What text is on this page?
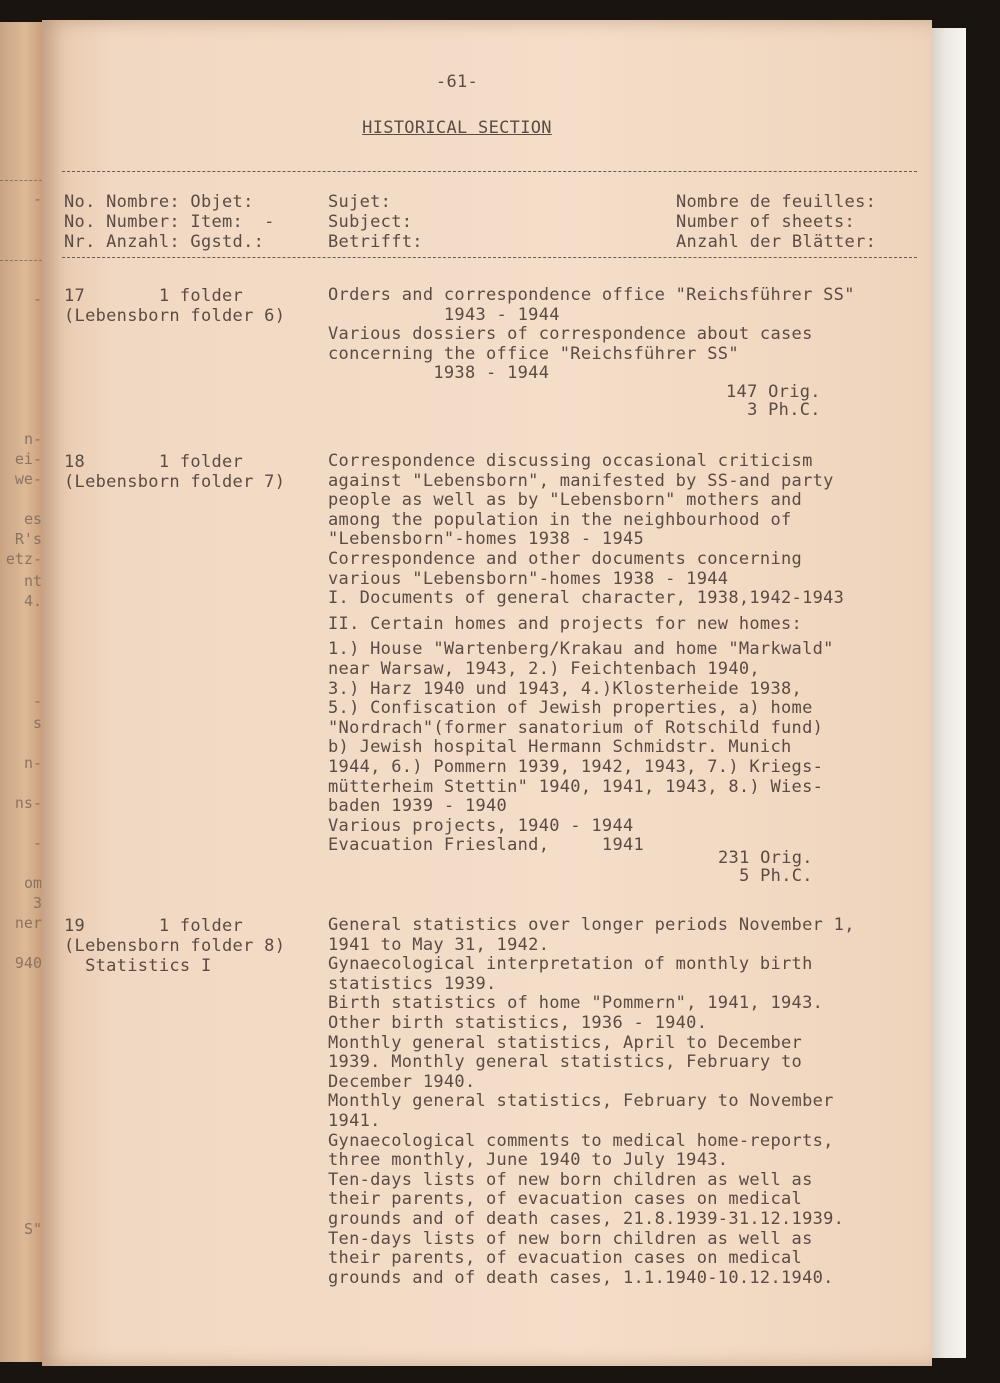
-
-
n-
ei-
we-
es
R's
etz-
nt
4.
-
s
n-
ns-
-
om
3
ner
940
S"
-61-
HISTORICAL SECTION
No. Nombre: Objet:
No. Number: Item:  -
Nr. Anzahl: Ggstd.:
Sujet:
Subject:
Betrifft:
Nombre de feuilles:
Number of sheets:
Anzahl der Blätter:
17       1 folder
(Lebensborn folder 6)
Orders and correspondence office "Reichsführer SS"
1943 - 1944
Various dossiers of correspondence about cases
concerning the office "Reichsführer SS"
1938 - 1944
147 Orig.
3 Ph.C.
18       1 folder
(Lebensborn folder 7)
Correspondence discussing occasional criticism
against "Lebensborn", manifested by SS-and party
people as well as by "Lebensborn" mothers and
among the population in the neighbourhood of
"Lebensborn"-homes 1938 - 1945
Correspondence and other documents concerning
various "Lebensborn"-homes 1938 - 1944
I. Documents of general character, 1938,1942-1943
II. Certain homes and projects for new homes:
1.) House "Wartenberg/Krakau and home "Markwald"
near Warsaw, 1943, 2.) Feichtenbach 1940,
3.) Harz 1940 und 1943, 4.)Klosterheide 1938,
5.) Confiscation of Jewish properties, a) home
"Nordrach"(former sanatorium of Rotschild fund)
b) Jewish hospital Hermann Schmidstr. Munich
1944, 6.) Pommern 1939, 1942, 1943, 7.) Kriegs-
mütterheim Stettin" 1940, 1941, 1943, 8.) Wies-
baden 1939 - 1940
Various projects, 1940 - 1944
Evacuation Friesland,     1941
231 Orig.
5 Ph.C.
19       1 folder
(Lebensborn folder 8)
Statistics I
General statistics over longer periods November 1,
1941 to May 31, 1942.
Gynaecological interpretation of monthly birth
statistics 1939.
Birth statistics of home "Pommern", 1941, 1943.
Other birth statistics, 1936 - 1940.
Monthly general statistics, April to December
1939. Monthly general statistics, February to
December 1940.
Monthly general statistics, February to November
1941.
Gynaecological comments to medical home-reports,
three monthly, June 1940 to July 1943.
Ten-days lists of new born children as well as
their parents, of evacuation cases on medical
grounds and of death cases, 21.8.1939-31.12.1939.
Ten-days lists of new born children as well as
their parents, of evacuation cases on medical
grounds and of death cases, 1.1.1940-10.12.1940.
